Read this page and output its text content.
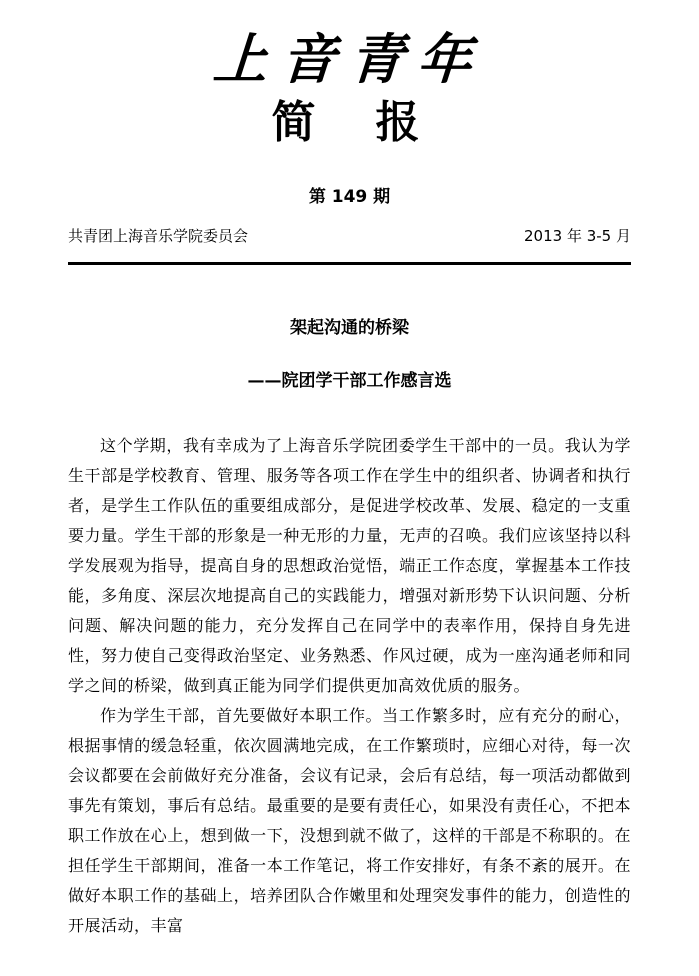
上音青年
简　报
第 149 期
共青团上海音乐学院委员会	2013 年 3-5 月
架起沟通的桥梁
——院团学干部工作感言选

这个学期，我有幸成为了上海音乐学院团委学生干部中的一员。我认为学生干部是学校教育、管理、服务等各项工作在学生中的组织者、协调者和执行者，是学生工作队伍的重要组成部分，是促进学校改革、发展、稳定的一支重要力量。学生干部的形象是一种无形的力量，无声的召唤。我们应该坚持以科学发展观为指导，提高自身的思想政治觉悟，端正工作态度，掌握基本工作技能，多角度、深层次地提高自己的实践能力，增强对新形势下认识问题、分析问题、解决问题的能力，充分发挥自己在同学中的表率作用，保持自身先进性，努力使自己变得政治坚定、业务熟悉、作风过硬，成为一座沟通老师和同学之间的桥梁，做到真正能为同学们提供更加高效优质的服务。

作为学生干部，首先要做好本职工作。当工作繁多时，应有充分的耐心，根据事情的缓急轻重，依次圆满地完成，在工作繁琐时，应细心对待，每一次会议都要在会前做好充分准备，会议有记录，会后有总结，每一项活动都做到事先有策划，事后有总结。最重要的是要有责任心，如果没有责任心，不把本职工作放在心上，想到做一下，没想到就不做了，这样的干部是不称职的。在担任学生干部期间，准备一本工作笔记，将工作安排好，有条不紊的展开。在做好本职工作的基础上，培养团队合作嫩里和处理突发事件的能力，创造性的开展活动，丰富
